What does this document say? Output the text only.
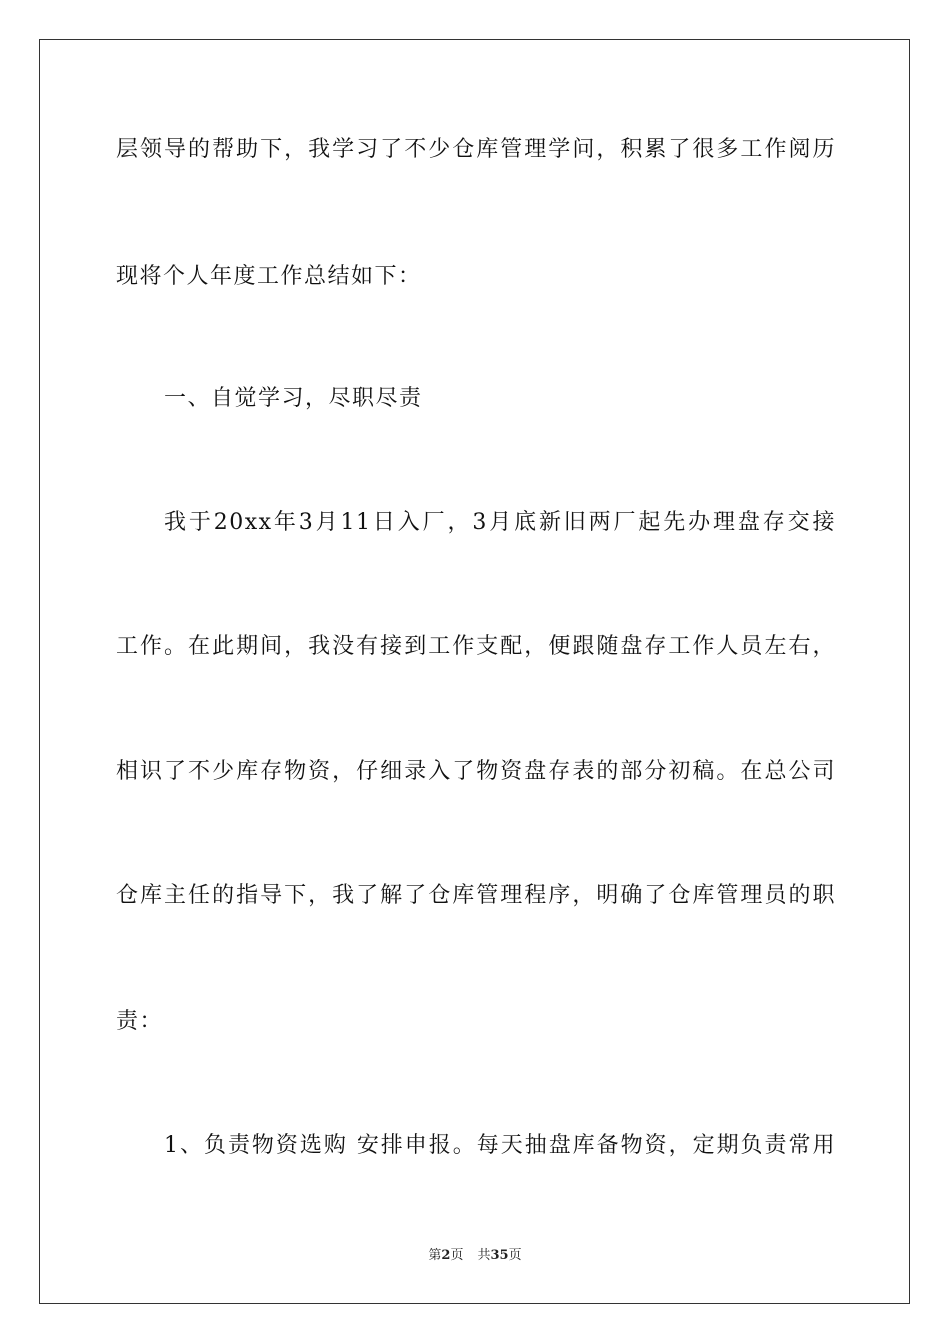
层领导的帮助下，我学习了不少仓库管理学问，积累了很多工作阅历
现将个人年度工作总结如下：
一、自觉学习，尽职尽责
我于20xx年3月11日入厂，3月底新旧两厂起先办理盘存交接
工作。在此期间，我没有接到工作支配，便跟随盘存工作人员左右，
相识了不少库存物资，仔细录入了物资盘存表的部分初稿。在总公司
仓库主任的指导下，我了解了仓库管理程序，明确了仓库管理员的职
责：
1、负责物资选购 安排申报。每天抽盘库备物资，定期负责常用
第2页 共35页
